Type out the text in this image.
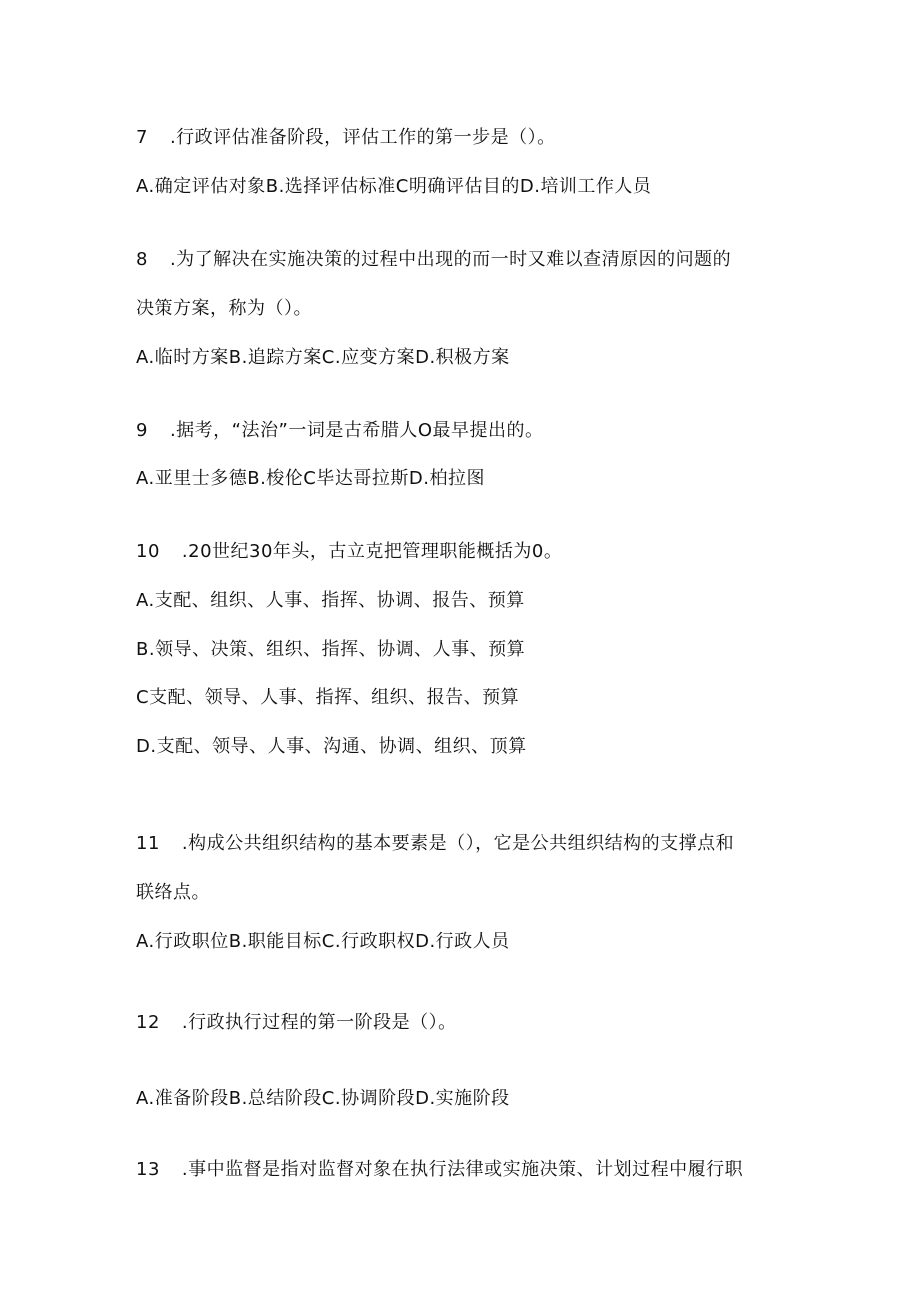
7 .行政评估准备阶段，评估工作的第一步是（）。
A.确定评估对象B.选择评估标准C明确评估目的D.培训工作人员
8 .为了解决在实施决策的过程中出现的而一时又难以查清原因的问题的
决策方案，称为（）。
A.临时方案B.追踪方案C.应变方案D.积极方案
9 .据考，“法治”一词是古希腊人O最早提出的。
A.亚里士多德B.梭伦C毕达哥拉斯D.柏拉图
10 .20世纪30年头，古立克把管理职能概括为0。
A.支配、组织、人事、指挥、协调、报告、预算
B.领导、决策、组织、指挥、协调、人事、预算
C支配、领导、人事、指挥、组织、报告、预算
D.支配、领导、人事、沟通、协调、组织、顶算
11 .构成公共组织结构的基本要素是（），它是公共组织结构的支撑点和
联络点。
A.行政职位B.职能目标C.行政职权D.行政人员
12 .行政执行过程的第一阶段是（）。
A.准备阶段B.总结阶段C.协调阶段D.实施阶段
13 .事中监督是指对监督对象在执行法律或实施决策、计划过程中履行职
